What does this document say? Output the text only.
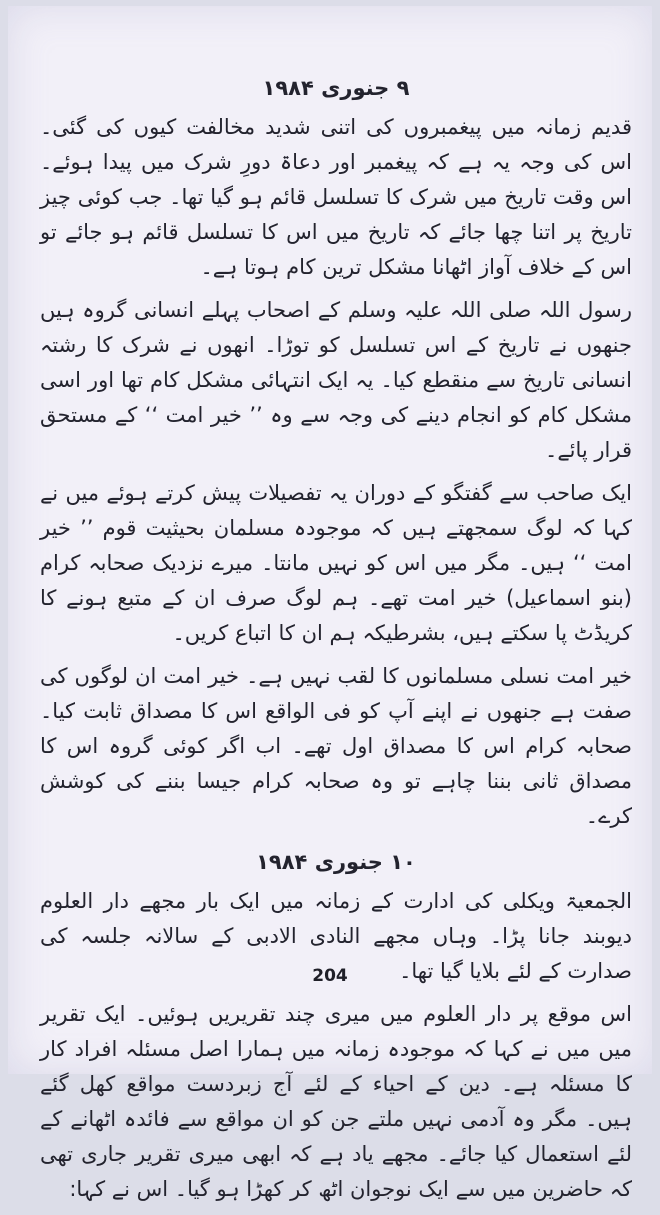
۹ جنوری ۱۹۸۴

قدیم زمانہ میں پیغمبروں کی اتنی شدید مخالفت کیوں کی گئی۔ اس کی وجہ یہ ہے کہ پیغمبر اور دعاۃ دورِ شرک میں پیدا ہوئے۔ اس وقت تاریخ میں شرک کا تسلسل قائم ہو گیا تھا۔ جب کوئی چیز تاریخ پر اتنا چھا جائے کہ تاریخ میں اس کا تسلسل قائم ہو جائے تو اس کے خلاف آواز اٹھانا مشکل ترین کام ہوتا ہے۔

رسول اللہ صلی اللہ علیہ وسلم کے اصحاب پہلے انسانی گروہ ہیں جنھوں نے تاریخ کے اس تسلسل کو توڑا۔ انھوں نے شرک کا رشتہ انسانی تاریخ سے منقطع کیا۔ یہ ایک انتہائی مشکل کام تھا اور اسی مشکل کام کو انجام دینے کی وجہ سے وہ ’’ خیر امت ‘‘ کے مستحق قرار پائے۔

ایک صاحب سے گفتگو کے دوران یہ تفصیلات پیش کرتے ہوئے میں نے کہا کہ لوگ سمجھتے ہیں کہ موجودہ مسلمان بحیثیت قوم ’’ خیر امت ‘‘ ہیں۔ مگر میں اس کو نہیں مانتا۔ میرے نزدیک صحابہ کرام (بنو اسماعیل) خیر امت تھے۔ ہم لوگ صرف ان کے متبع ہونے کا کریڈٹ پا سکتے ہیں، بشرطیکہ ہم ان کا اتباع کریں۔

خیر امت نسلی مسلمانوں کا لقب نہیں ہے۔ خیر امت ان لوگوں کی صفت ہے جنھوں نے اپنے آپ کو فی الواقع اس کا مصداق ثابت کیا۔ صحابہ کرام اس کا مصداق اول تھے۔ اب اگر کوئی گروہ اس کا مصداق ثانی بننا چاہے تو وہ صحابہ کرام جیسا بننے کی کوشش کرے۔

۱۰ جنوری ۱۹۸۴

الجمعیۃ ویکلی کی ادارت کے زمانہ میں ایک بار مجھے دار العلوم دیوبند جانا پڑا۔ وہاں مجھے النادی الادبی کے سالانہ جلسہ کی صدارت کے لئے بلایا گیا تھا۔

اس موقع پر دار العلوم میں میری چند تقریریں ہوئیں۔ ایک تقریر میں میں نے کہا کہ موجودہ زمانہ میں ہمارا اصل مسئلہ افراد کار کا مسئلہ ہے۔ دین کے احیاء کے لئے آج زبردست مواقع کھل گئے ہیں۔ مگر وہ آدمی نہیں ملتے جن کو ان مواقع سے فائدہ اٹھانے کے لئے استعمال کیا جائے۔ مجھے یاد ہے کہ ابھی میری تقریر جاری تھی کہ حاضرین میں سے ایک نوجوان اٹھ کر کھڑا ہو گیا۔ اس نے کہا:

204
